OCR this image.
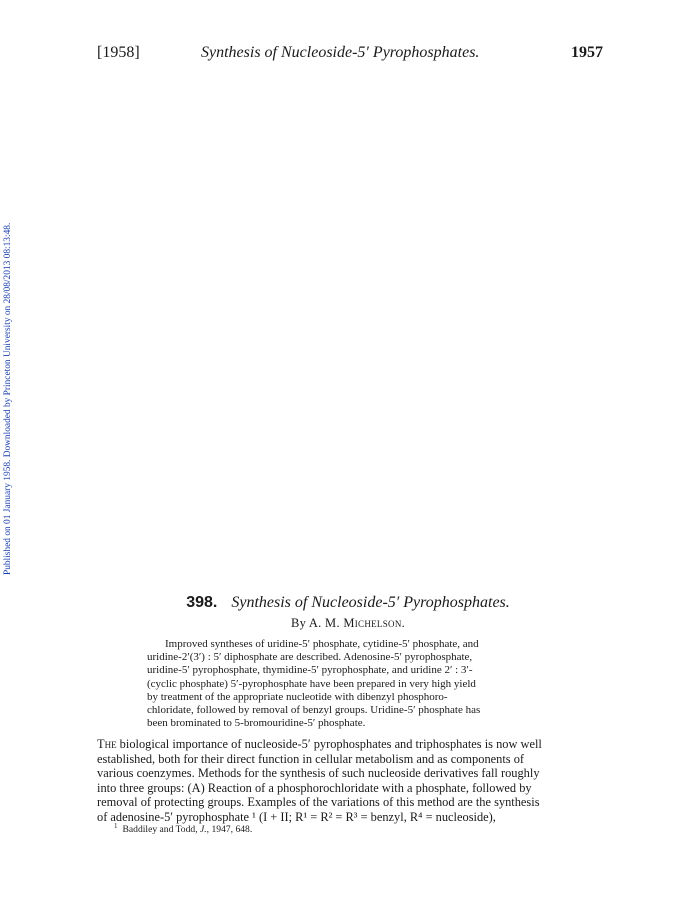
[1958]	Synthesis of Nucleoside-5′ Pyrophosphates.	1957
Published on 01 January 1958. Downloaded by Princeton University on 28/08/2013 08:13:48.
398. Synthesis of Nucleoside-5′ Pyrophosphates.
By A. M. Michelson.
Improved syntheses of uridine-5′ phosphate, cytidine-5′ phosphate, and
uridine-2′(3′) : 5′ diphosphate are described. Adenosine-5′ pyrophosphate,
uridine-5′ pyrophosphate, thymidine-5′ pyrophosphate, and uridine 2′ : 3′-
(cyclic phosphate) 5′-pyrophosphate have been prepared in very high yield
by treatment of the appropriate nucleotide with dibenzyl phosphoro-
chloridate, followed by removal of benzyl groups. Uridine-5′ phosphate has
been brominated to 5-bromouridine-5′ phosphate.
The biological importance of nucleoside-5′ pyrophosphates and triphosphates is now well
established, both for their direct function in cellular metabolism and as components of
various coenzymes. Methods for the synthesis of such nucleoside derivatives fall roughly
into three groups: (A) Reaction of a phosphorochloridate with a phosphate, followed by
removal of protecting groups. Examples of the variations of this method are the synthesis
of adenosine-5′ pyrophosphate ¹ (I + II; R¹ = R² = R³ = benzyl, R⁴ = nucleoside),
$^1$ Baddiley and Todd, J., 1947, 648.
